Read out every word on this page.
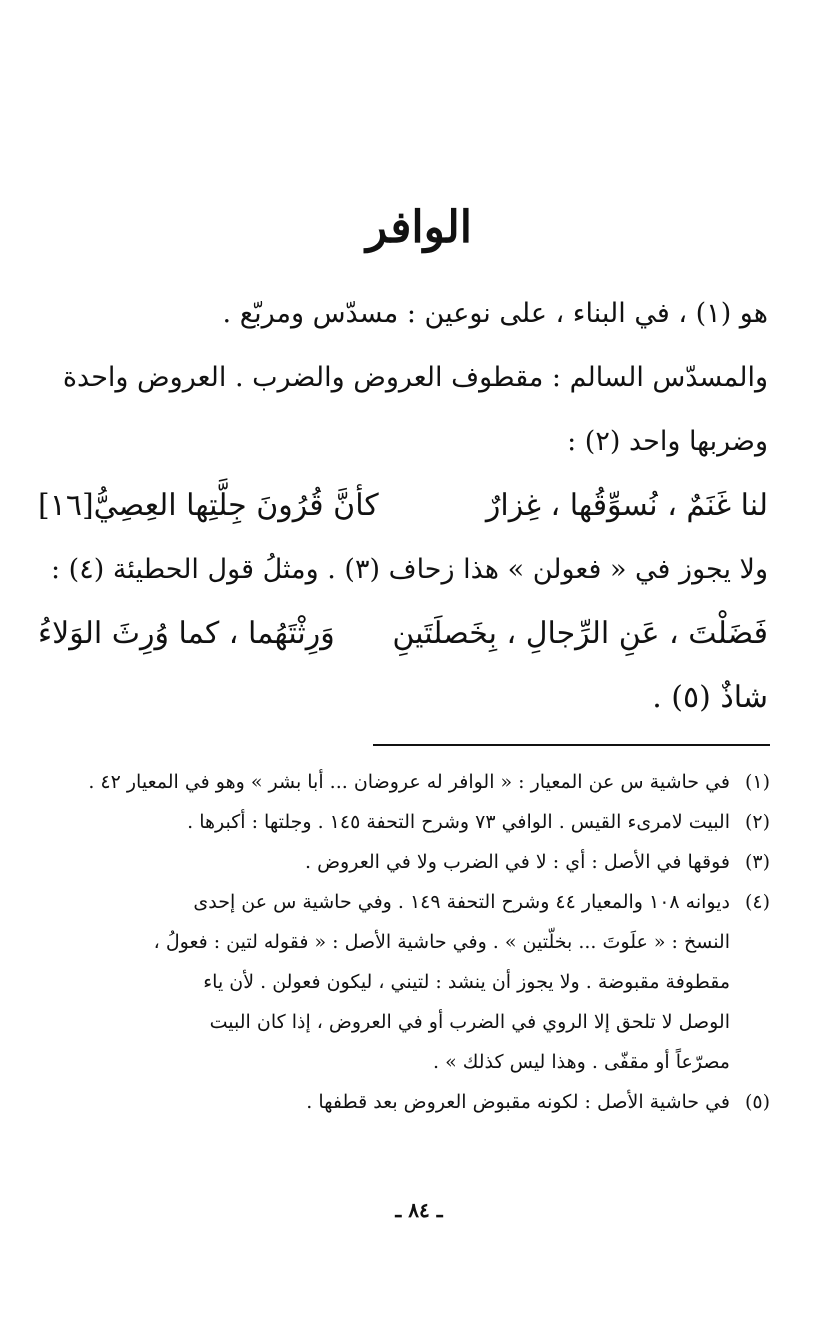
الوافر
هو (١) ، في البناء ، على نوعين : مسدّس ومربّع .
والمسدّس السالم : مقطوف العروض والضرب . العروض واحدة
وضربها واحد (٢) :
لنا غَنَمٌ ، نُسوِّقُها ، غِزارٌ
كأنَّ قُرُونَ جِلَّتِها العِصِيُّ[١٦]
ولا يجوز في « فعولن » هذا زحاف (٣) . ومثلُ قول الحطيئة (٤) :
فَضَلْتَ ، عَنِ الرِّجالِ ، بِخَصلَتَينِ
وَرِثْتَهُما ، كما وُرِثَ الوَلاءُ
شاذٌ (٥) .
(١)
في حاشية س عن المعيار : « الوافر له عروضان ... أبا بشر » وهو في المعيار ٤٢ .
(٢)
البيت لامرىء القيس . الوافي ٧٣ وشرح التحفة ١٤٥ . وجلتها : أكبرها .
(٣)
فوقها في الأصل : أي : لا في الضرب ولا في العروض .
(٤)
ديوانه ١٠٨ والمعيار ٤٤ وشرح التحفة ١٤٩ . وفي حاشية س عن إحدى
النسخ : « علَوتَ ... بخلّتين » . وفي حاشية الأصل : « فقوله لتين : فعولُ ،
مقطوفة مقبوضة . ولا يجوز أن ينشد : لتيني ، ليكون فعولن . لأن ياء
الوصل لا تلحق إلا الروي في الضرب أو في العروض ، إذا كان البيت
مصرّعاً أو مقفّى . وهذا ليس كذلك » .
(٥)
في حاشية الأصل : لكونه مقبوض العروض بعد قطفها .
ـ ٨٤ ـ
